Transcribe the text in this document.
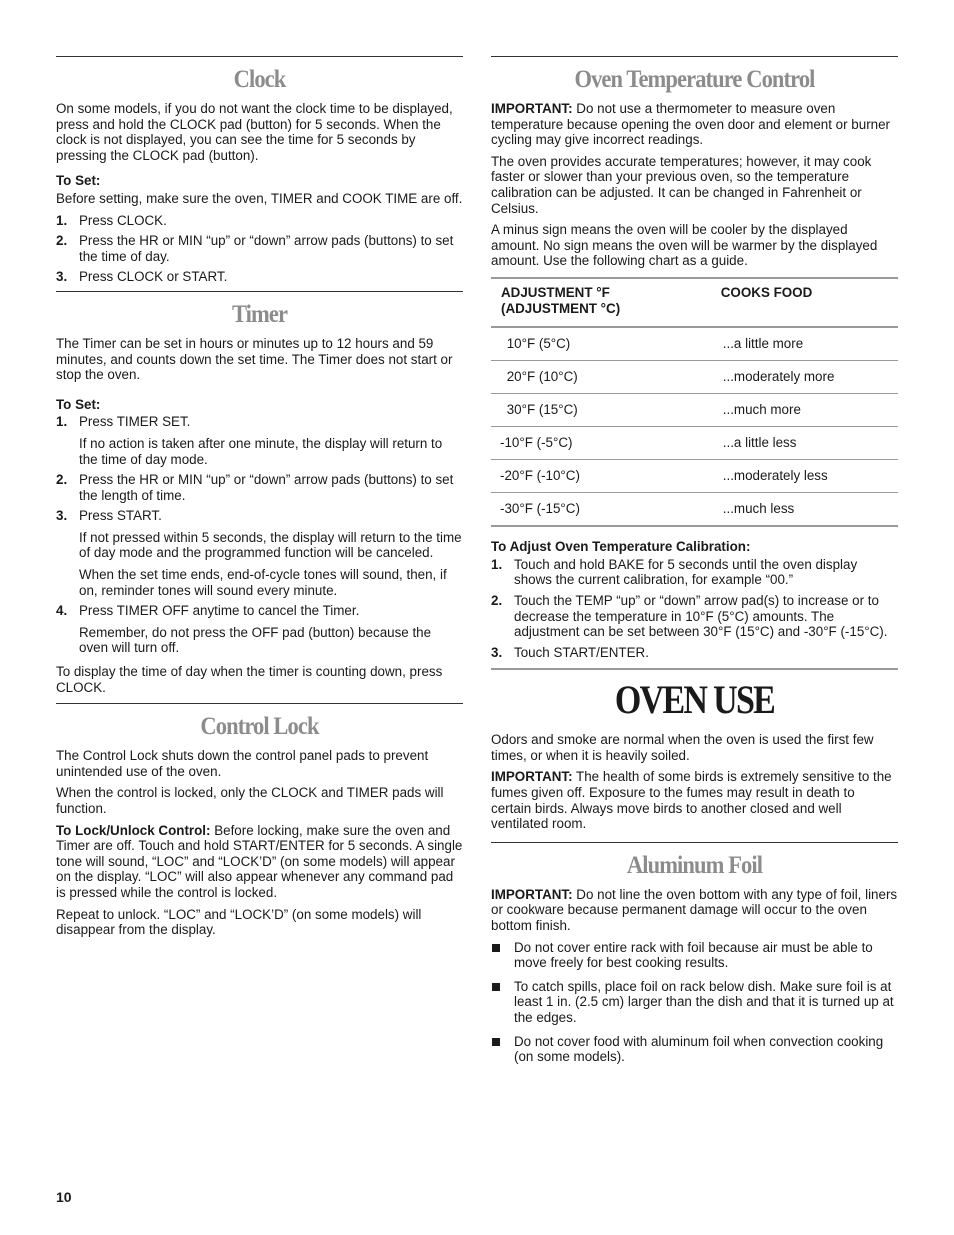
Clock

On some models, if you do not want the clock time to be displayed, press and hold the CLOCK pad (button) for 5 seconds. When the clock is not displayed, you can see the time for 5 seconds by pressing the CLOCK pad (button).

To Set:

Before setting, make sure the oven, TIMER and COOK TIME are off.

1. Press CLOCK.
2. Press the HR or MIN “up” or “down” arrow pads (buttons) to set the time of day.
3. Press CLOCK or START.
Timer

The Timer can be set in hours or minutes up to 12 hours and 59 minutes, and counts down the set time. The Timer does not start or stop the oven.

To Set:
1. Press TIMER SET.
If no action is taken after one minute, the display will return to the time of day mode.
2. Press the HR or MIN “up” or “down” arrow pads (buttons) to set the length of time.
3. Press START.
If not pressed within 5 seconds, the display will return to the time of day mode and the programmed function will be canceled.
When the set time ends, end-of-cycle tones will sound, then, if on, reminder tones will sound every minute.
4. Press TIMER OFF anytime to cancel the Timer.
Remember, do not press the OFF pad (button) because the oven will turn off.

To display the time of day when the timer is counting down, press CLOCK.

Control Lock

The Control Lock shuts down the control panel pads to prevent unintended use of the oven.

When the control is locked, only the CLOCK and TIMER pads will function.

To Lock/Unlock Control: Before locking, make sure the oven and Timer are off. Touch and hold START/ENTER for 5 seconds. A single tone will sound, “LOC” and “LOCK’D” (on some models) will appear on the display. “LOC” will also appear whenever any command pad is pressed while the control is locked.

Repeat to unlock. “LOC” and “LOCK’D” (on some models) will disappear from the display.

Oven Temperature Control

IMPORTANT: Do not use a thermometer to measure oven temperature because opening the oven door and element or burner cycling may give incorrect readings.

The oven provides accurate temperatures; however, it may cook faster or slower than your previous oven, so the temperature calibration can be adjusted. It can be changed in Fahrenheit or Celsius.

A minus sign means the oven will be cooler by the displayed amount. No sign means the oven will be warmer by the displayed amount. Use the following chart as a guide.

ADJUSTMENT °F
(ADJUSTMENT °C)	COOKS FOOD
10°F (5°C)	...a little more
20°F (10°C)	...moderately more
30°F (15°C)	...much more
-10°F (-5°C)	...a little less
-20°F (-10°C)	...moderately less
-30°F (-15°C)	...much less
To Adjust Oven Temperature Calibration:
1. Touch and hold BAKE for 5 seconds until the oven display shows the current calibration, for example “00.”
2. Touch the TEMP “up” or “down” arrow pad(s) to increase or to decrease the temperature in 10°F (5°C) amounts. The adjustment can be set between 30°F (15°C) and -30°F (-15°C).
3. Touch START/ENTER.
OVEN USE

Odors and smoke are normal when the oven is used the first few times, or when it is heavily soiled.

IMPORTANT: The health of some birds is extremely sensitive to the fumes given off. Exposure to the fumes may result in death to certain birds. Always move birds to another closed and well ventilated room.

Aluminum Foil

IMPORTANT: Do not line the oven bottom with any type of foil, liners or cookware because permanent damage will occur to the oven bottom finish.

Do not cover entire rack with foil because air must be able to move freely for best cooking results.
To catch spills, place foil on rack below dish. Make sure foil is at least 1 in. (2.5 cm) larger than the dish and that it is turned up at the edges.
Do not cover food with aluminum foil when convection cooking (on some models).
10
